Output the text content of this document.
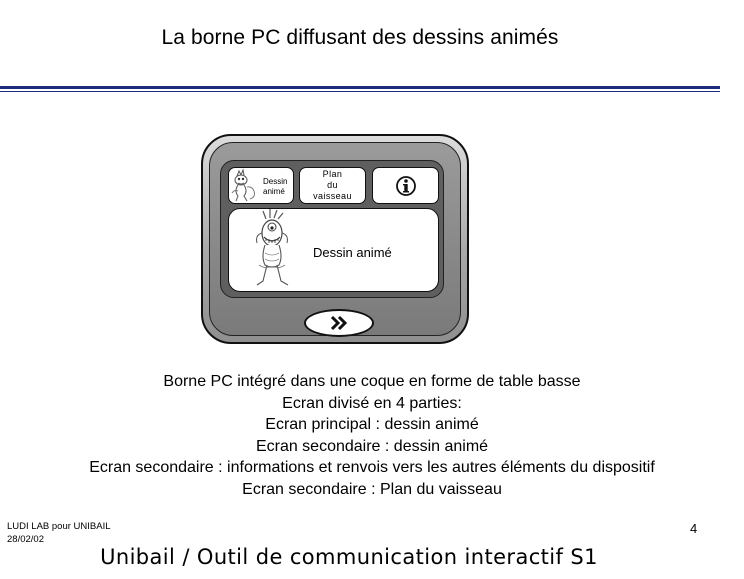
La borne PC diffusant des dessins animés
Dessin animé
Plan
du
vaisseau
Dessin animé
Borne PC intégré dans une coque en forme de table basse
Ecran divisé en 4 parties:
Ecran principal : dessin animé
Ecran secondaire : dessin animé
Ecran secondaire : informations et renvois vers les autres éléments du dispositif
Ecran secondaire : Plan du vaisseau
LUDI LAB pour UNIBAIL
28/02/02
4
Unibail / Outil de communication interactif S1
